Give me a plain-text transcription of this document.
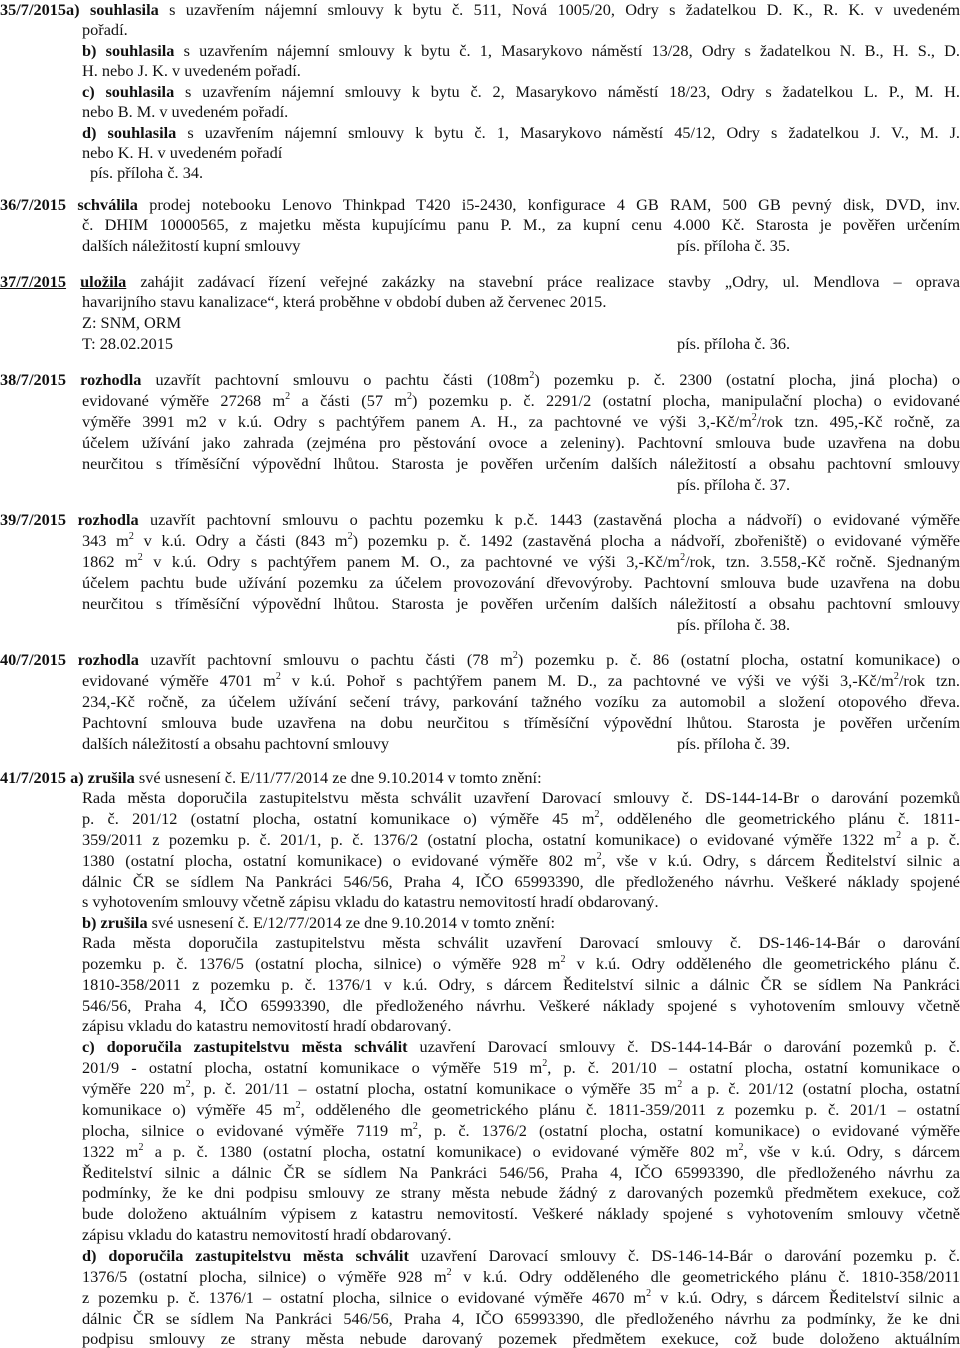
35/7/2015a) souhlasila s uzavřením nájemní smlouvy k bytu č. 511, Nová 1005/20, Odry s žadatelkou D. K., R. K. v uvedeném
pořadí.
b) souhlasila s uzavřením nájemní smlouvy k bytu č. 1, Masarykovo náměstí 13/28, Odry s žadatelkou N. B., H. S., D.
H. nebo J. K. v uvedeném pořadí.
c) souhlasila s uzavřením nájemní smlouvy k bytu č. 2, Masarykovo náměstí 18/23, Odry s žadatelkou L. P., M. H.
nebo B. M. v uvedeném pořadí.
d) souhlasila s uzavřením nájemní smlouvy k bytu č. 1, Masarykovo náměstí 45/12, Odry s žadatelkou J. V., M. J.
nebo K. H. v uvedeném pořadí
pís. příloha č. 34.
36/7/2015 schválila prodej notebooku Lenovo Thinkpad T420 i5-2430, konfigurace 4 GB RAM, 500 GB pevný disk, DVD, inv.
č. DHIM 10000565, z majetku města kupujícímu panu P. M., za kupní cenu 4.000 Kč. Starosta je pověřen určením
dalších náležitostí kupní smlouvy	pís. příloha č. 35.
37/7/2015 uložila zahájit zadávací řízení veřejné zakázky na stavební práce realizace stavby „Odry, ul. Mendlova – oprava
havarijního stavu kanalizace“, která proběhne v období duben až červenec 2015.
Z: SNM, ORM
T: 28.02.2015	pís. příloha č. 36.
38/7/2015 rozhodla uzavřít pachtovní smlouvu o pachtu části $(108m^2)$ pozemku p. č. 2300 (ostatní plocha, jiná plocha) o
evidované výměře 27268 $m^2$ a části (57 $m^2$) pozemku p. č. 2291/2 (ostatní plocha, manipulační plocha) o evidované
výměře 3991 m2 v k.ú. Odry s pachtýřem panem A. H., za pachtovné ve výši $3,-Kč/m^2$/rok tzn. 495,-Kč ročně, za
účelem užívání jako zahrada (zejména pro pěstování ovoce a zeleniny). Pachtovní smlouva bude uzavřena na dobu
neurčitou s tříměsíční výpovědní lhůtou. Starosta je pověřen určením dalších náležitostí a obsahu pachtovní smlouvy
pís. příloha č. 37.
39/7/2015 rozhodla uzavřít pachtovní smlouvu o pachtu pozemku k p.č. 1443 (zastavěná plocha a nádvoří) o evidované výměře
343 $m^2$ v k.ú. Odry a části (843 $m^2$) pozemku p. č. 1492 (zastavěná plocha a nádvoří, zbořeniště) o evidované výměře
1862 $m^2$ v k.ú. Odry s pachtýřem panem M. O., za pachtovné ve výši $3,-Kč/m^2$/rok, tzn. 3.558,-Kč ročně. Sjednaným
účelem pachtu bude užívání pozemku za účelem provozování dřevovýroby. Pachtovní smlouva bude uzavřena na dobu
neurčitou s tříměsíční výpovědní lhůtou. Starosta je pověřen určením dalších náležitostí a obsahu pachtovní smlouvy
pís. příloha č. 38.
40/7/2015 rozhodla uzavřít pachtovní smlouvu o pachtu části (78 $m^2$) pozemku p. č. 86 (ostatní plocha, ostatní komunikace) o
evidované výměře 4701 $m^2$ v k.ú. Pohoř s pachtýřem panem M. D., za pachtovné ve výši ve výši $3,-Kč/m^2$/rok tzn.
234,-Kč ročně, za účelem užívání sečení trávy, parkování tažného vozíku za automobil a složení otopového dřeva.
Pachtovní smlouva bude uzavřena na dobu neurčitou s tříměsíční výpovědní lhůtou. Starosta je pověřen určením
dalších náležitostí a obsahu pachtovní smlouvy	pís. příloha č. 39.
41/7/2015 a) zrušila své usnesení č. E/11/77/2014 ze dne 9.10.2014 v tomto znění:
Rada města doporučila zastupitelstvu města schválit uzavření Darovací smlouvy č. DS-144-14-Br o darování pozemků
p. č. 201/12 (ostatní plocha, ostatní komunikace o) výměře 45 $m^2$, odděleného dle geometrického plánu č. 1811-
359/2011 z pozemku p. č. 201/1, p. č. 1376/2 (ostatní plocha, ostatní komunikace) o evidované výměře 1322 $m^2$ a p. č.
1380 (ostatní plocha, ostatní komunikace) o evidované výměře 802 $m^2$, vše v k.ú. Odry, s dárcem Ředitelství silnic a
dálnic ČR se sídlem Na Pankráci 546/56, Praha 4, IČO 65993390, dle předloženého návrhu. Veškeré náklady spojené
s vyhotovením smlouvy včetně zápisu vkladu do katastru nemovitostí hradí obdarovaný.
b) zrušila své usnesení č. E/12/77/2014 ze dne 9.10.2014 v tomto znění:
Rada města doporučila zastupitelstvu města schválit uzavření Darovací smlouvy č. DS-146-14-Bár o darování
pozemku p. č. 1376/5 (ostatní plocha, silnice) o výměře 928 $m^2$ v k.ú. Odry odděleného dle geometrického plánu č.
1810-358/2011 z pozemku p. č. 1376/1 v k.ú. Odry, s dárcem Ředitelství silnic a dálnic ČR se sídlem Na Pankráci
546/56, Praha 4, IČO 65993390, dle předloženého návrhu. Veškeré náklady spojené s vyhotovením smlouvy včetně
zápisu vkladu do katastru nemovitostí hradí obdarovaný.
c) doporučila zastupitelstvu města schválit uzavření Darovací smlouvy č. DS-144-14-Bár o darování pozemků p. č.
201/9 - ostatní plocha, ostatní komunikace o výměře 519 $m^2$, p. č. 201/10 – ostatní plocha, ostatní komunikace o
výměře 220 $m^2$, p. č. 201/11 – ostatní plocha, ostatní komunikace o výměře 35 $m^2$ a p. č. 201/12 (ostatní plocha, ostatní
komunikace o) výměře 45 $m^2$, odděleného dle geometrického plánu č. 1811-359/2011 z pozemku p. č. 201/1 – ostatní
plocha, silnice o evidované výměře 7119 $m^2$, p. č. 1376/2 (ostatní plocha, ostatní komunikace) o evidované výměře
1322 $m^2$ a p. č. 1380 (ostatní plocha, ostatní komunikace) o evidované výměře 802 $m^2$, vše v k.ú. Odry, s dárcem
Ředitelství silnic a dálnic ČR se sídlem Na Pankráci 546/56, Praha 4, IČO 65993390, dle předloženého návrhu za
podmínky, že ke dni podpisu smlouvy ze strany města nebude žádný z darovaných pozemků předmětem exekuce, což
bude doloženo aktuálním výpisem z katastru nemovitostí. Veškeré náklady spojené s vyhotovením smlouvy včetně
zápisu vkladu do katastru nemovitostí hradí obdarovaný.
d) doporučila zastupitelstvu města schválit uzavření Darovací smlouvy č. DS-146-14-Bár o darování pozemku p. č.
1376/5 (ostatní plocha, silnice) o výměře 928 $m^2$ v k.ú. Odry odděleného dle geometrického plánu č. 1810-358/2011
z pozemku p. č. 1376/1 – ostatní plocha, silnice o evidované výměře 4670 $m^2$ v k.ú. Odry, s dárcem Ředitelství silnic a
dálnic ČR se sídlem Na Pankráci 546/56, Praha 4, IČO 65993390, dle předloženého návrhu za podmínky, že ke dni
podpisu smlouvy ze strany města nebude darovaný pozemek předmětem exekuce, což bude doloženo aktuálním
